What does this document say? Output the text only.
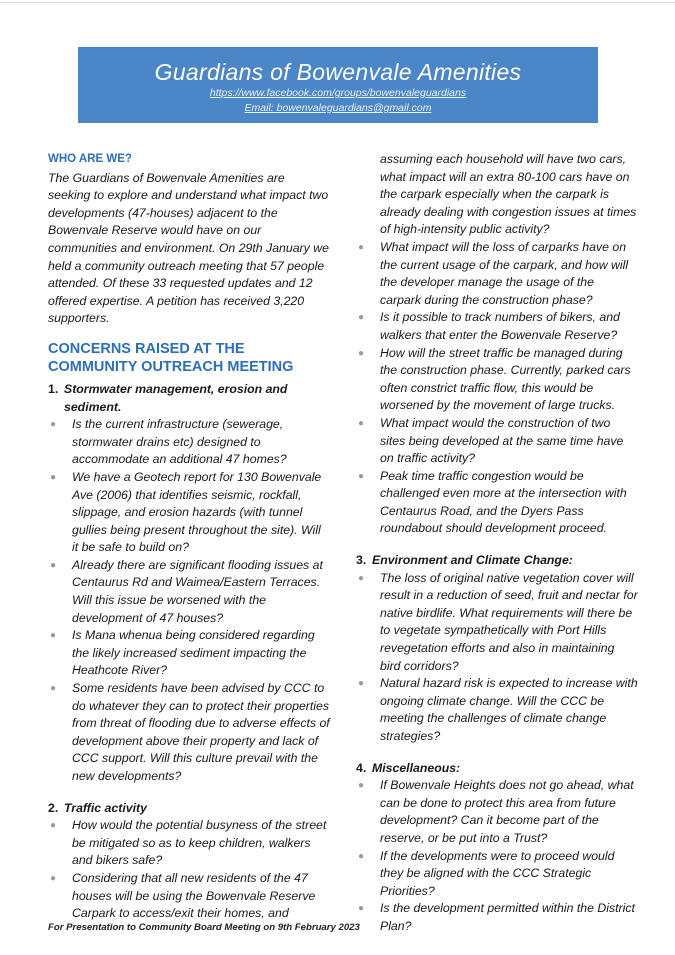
Guardians of Bowenvale Amenities
https://www.facebook.com/groups/bowenvaleguardians
Email: bowenvaleguardians@gmail.com
WHO ARE WE?

The Guardians of Bowenvale Amenities are seeking to explore and understand what impact two developments (47-houses) adjacent to the Bowenvale Reserve would have on our communities and environment. On 29th January we held a community outreach meeting that 57 people attended. Of these 33 requested updates and 12 offered expertise. A petition has received 3,220 supporters.

CONCERNS RAISED AT THE COMMUNITY OUTREACH MEETING
1. Stormwater management, erosion and sediment.
● Is the current infrastructure (sewerage, stormwater drains etc) designed to accommodate an additional 47 homes?
● We have a Geotech report for 130 Bowenvale Ave (2006) that identifies seismic, rockfall, slippage, and erosion hazards (with tunnel gullies being present throughout the site). Will it be safe to build on?
● Already there are significant flooding issues at Centaurus Rd and Waimea/Eastern Terraces. Will this issue be worsened with the development of 47 houses?
● Is Mana whenua being considered regarding the likely increased sediment impacting the Heathcote River?
● Some residents have been advised by CCC to do whatever they can to protect their properties from threat of flooding due to adverse effects of development above their property and lack of CCC support. Will this culture prevail with the new developments?
2. Traffic activity
● How would the potential busyness of the street be mitigated so as to keep children, walkers and bikers safe?
● Considering that all new residents of the 47 houses will be using the Bowenvale Reserve Carpark to access/exit their homes, and
assuming each household will have two cars, what impact will an extra 80-100 cars have on the carpark especially when the carpark is already dealing with congestion issues at times of high-intensity public activity?
● What impact will the loss of carparks have on the current usage of the carpark, and how will the developer manage the usage of the carpark during the construction phase?
● Is it possible to track numbers of bikers, and walkers that enter the Bowenvale Reserve?
● How will the street traffic be managed during the construction phase. Currently, parked cars often constrict traffic flow, this would be worsened by the movement of large trucks.
● What impact would the construction of two sites being developed at the same time have on traffic activity?
● Peak time traffic congestion would be challenged even more at the intersection with Centaurus Road, and the Dyers Pass roundabout should development proceed.
3. Environment and Climate Change:
● The loss of original native vegetation cover will result in a reduction of seed, fruit and nectar for native birdlife. What requirements will there be to vegetate sympathetically with Port Hills revegetation efforts and also in maintaining bird corridors?
● Natural hazard risk is expected to increase with ongoing climate change. Will the CCC be meeting the challenges of climate change strategies?
4. Miscellaneous:
● If Bowenvale Heights does not go ahead, what can be done to protect this area from future development? Can it become part of the reserve, or be put into a Trust?
● If the developments were to proceed would they be aligned with the CCC Strategic Priorities?
● Is the development permitted within the District Plan?
For Presentation to Community Board Meeting on 9th February 2023
